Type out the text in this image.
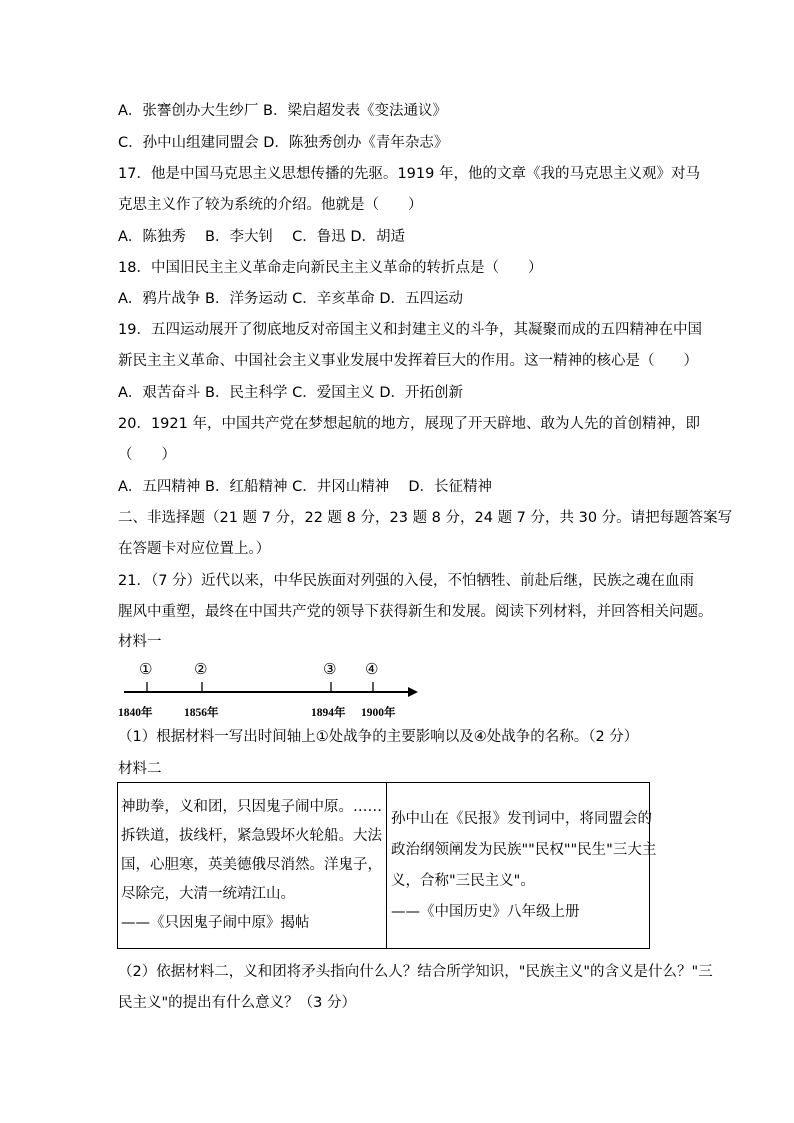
A．张謇创办大生纱厂 B．梁启超发表《变法通议》
C．孙中山组建同盟会 D．陈独秀创办《青年杂志》
17．他是中国马克思主义思想传播的先驱。1919 年，他的文章《我的马克思主义观》对马
克思主义作了较为系统的介绍。他就是（　　）
A．陈独秀　 B．李大钊　 C．鲁迅 D．胡适
18．中国旧民主主义革命走向新民主主义革命的转折点是（　　）
A．鸦片战争 B．洋务运动 C．辛亥革命 D．五四运动
19．五四运动展开了彻底地反对帝国主义和封建主义的斗争，其凝聚而成的五四精神在中国
新民主主义革命、中国社会主义事业发展中发挥着巨大的作用。这一精神的核心是（　　）
A．艰苦奋斗 B．民主科学 C．爱国主义 D．开拓创新
20．1921 年，中国共产党在梦想起航的地方，展现了开天辟地、敢为人先的首创精神，即
（　　）
A．五四精神 B．红船精神 C．井冈山精神　 D．长征精神
二、非选择题（21 题 7 分，22 题 8 分，23 题 8 分，24 题 7 分，共 30 分。请把每题答案写
在答题卡对应位置上。）
21．（7 分）近代以来，中华民族面对列强的入侵，不怕牺牲、前赴后继，民族之魂在血雨
腥风中重塑，最终在中国共产党的领导下获得新生和发展。阅读下列材料，并回答相关问题。
材料一
①	②	③ ④
1840年	1856年	1894年 1900年
（1）根据材料一写出时间轴上①处战争的主要影响以及④处战争的名称。（2 分）
材料二
神助拳，义和团，只因鬼子闹中原。……
拆铁道，拔线杆，紧急毁坏火轮船。大法
国，心胆寒，英美德俄尽消然。洋鬼子，
尽除完，大清一统靖江山。
——《只因鬼子闹中原》揭帖

孙中山在《民报》发刊词中，将同盟会的
政治纲领阐发为民族""民权""民生"三大主
义，合称"三民主义"。
——《中国历史》八年级上册
（2）依据材料二，义和团将矛头指向什么人？结合所学知识，"民族主义"的含义是什么？"三
民主义"的提出有什么意义？（3 分）
